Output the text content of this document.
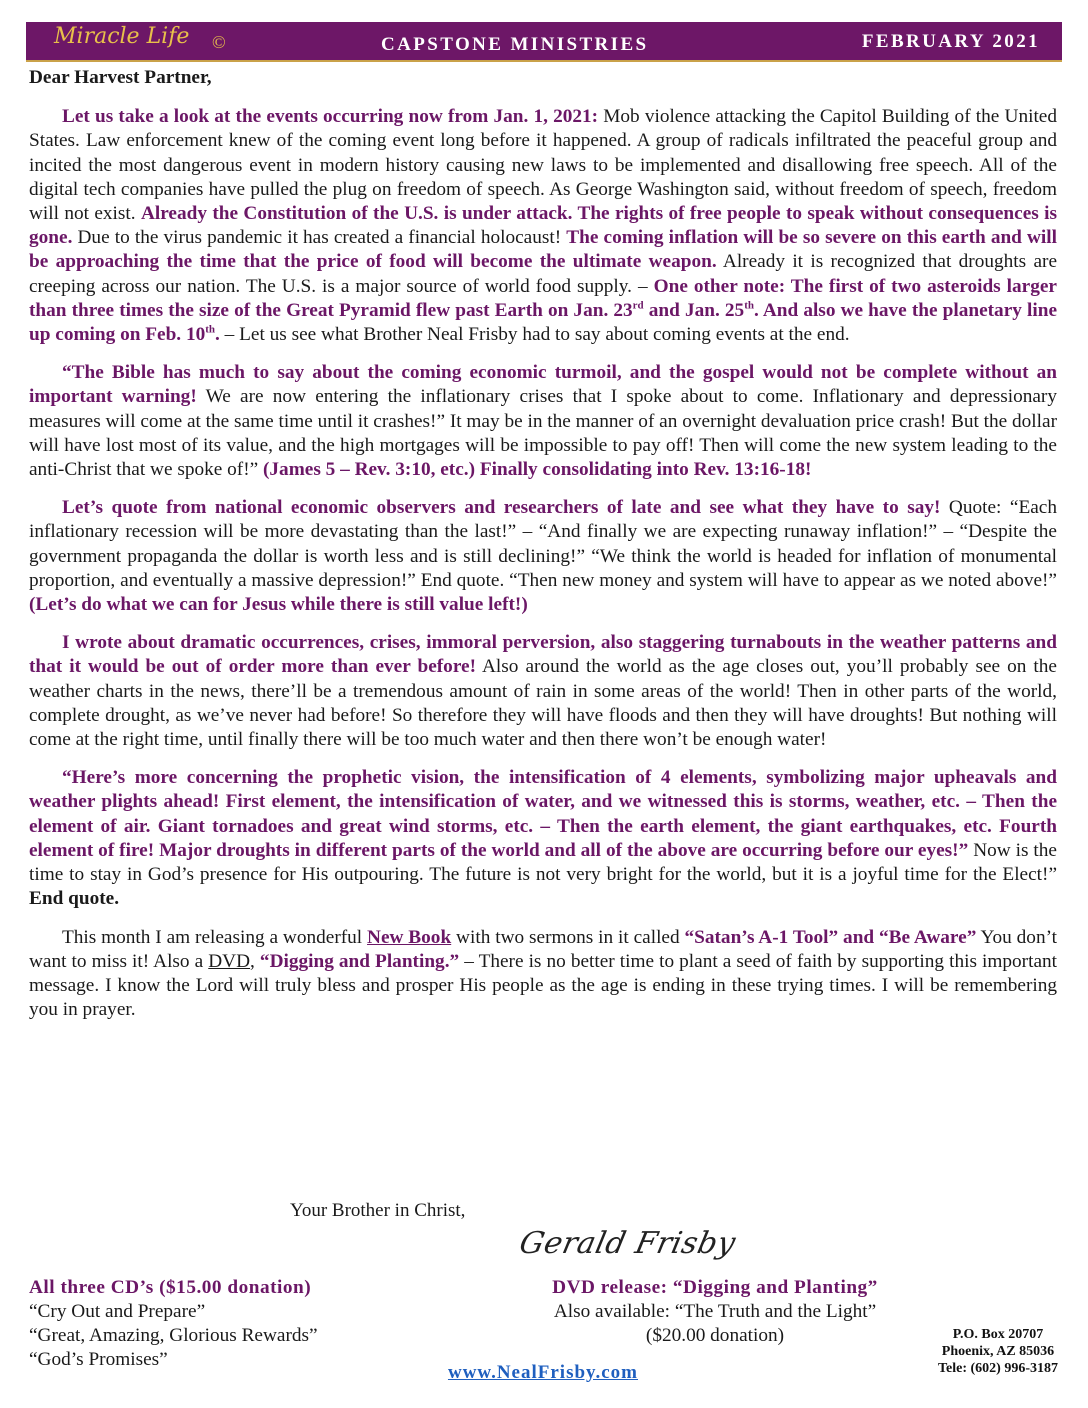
Miracle Life ©	CAPSTONE MINISTRIES	FEBRUARY 2021
Dear Harvest Partner,

Let us take a look at the events occurring now from Jan. 1, 2021: Mob violence attacking the Capitol Building of the United States. Law enforcement knew of the coming event long before it happened. A group of radicals infiltrated the peaceful group and incited the most dangerous event in modern history causing new laws to be implemented and disallowing free speech. All of the digital tech companies have pulled the plug on freedom of speech. As George Washington said, without freedom of speech, freedom will not exist. Already the Constitution of the U.S. is under attack. The rights of free people to speak without consequences is gone. Due to the virus pandemic it has created a financial holocaust! The coming inflation will be so severe on this earth and will be approaching the time that the price of food will become the ultimate weapon. Already it is recognized that droughts are creeping across our nation. The U.S. is a major source of world food supply. – One other note: The first of two asteroids larger than three times the size of the Great Pyramid flew past Earth on Jan. 23rd and Jan. 25th. And also we have the planetary line up coming on Feb. 10th. – Let us see what Brother Neal Frisby had to say about coming events at the end.

“The Bible has much to say about the coming economic turmoil, and the gospel would not be complete without an important warning! We are now entering the inflationary crises that I spoke about to come. Inflationary and depressionary measures will come at the same time until it crashes!” It may be in the manner of an overnight devaluation price crash! But the dollar will have lost most of its value, and the high mortgages will be impossible to pay off! Then will come the new system leading to the anti-Christ that we spoke of!” (James 5 – Rev. 3:10, etc.) Finally consolidating into Rev. 13:16-18!

Let’s quote from national economic observers and researchers of late and see what they have to say! Quote: “Each inflationary recession will be more devastating than the last!” – “And finally we are expecting runaway inflation!” – “Despite the government propaganda the dollar is worth less and is still declining!” “We think the world is headed for inflation of monumental proportion, and eventually a massive depression!” End quote. “Then new money and system will have to appear as we noted above!” (Let’s do what we can for Jesus while there is still value left!)

I wrote about dramatic occurrences, crises, immoral perversion, also staggering turnabouts in the weather patterns and that it would be out of order more than ever before! Also around the world as the age closes out, you’ll probably see on the weather charts in the news, there’ll be a tremendous amount of rain in some areas of the world! Then in other parts of the world, complete drought, as we’ve never had before! So therefore they will have floods and then they will have droughts! But nothing will come at the right time, until finally there will be too much water and then there won’t be enough water!

“Here’s more concerning the prophetic vision, the intensification of 4 elements, symbolizing major upheavals and weather plights ahead! First element, the intensification of water, and we witnessed this is storms, weather, etc. – Then the element of air. Giant tornadoes and great wind storms, etc. – Then the earth element, the giant earthquakes, etc. Fourth element of fire! Major droughts in different parts of the world and all of the above are occurring before our eyes!” Now is the time to stay in God’s presence for His outpouring. The future is not very bright for the world, but it is a joyful time for the Elect!” End quote.

This month I am releasing a wonderful New Book with two sermons in it called “Satan’s A-1 Tool” and “Be Aware” You don’t want to miss it! Also a DVD, “Digging and Planting.” – There is no better time to plant a seed of faith by supporting this important message. I know the Lord will truly bless and prosper His people as the age is ending in these trying times. I will be remembering you in prayer.

Your Brother in Christ,
Gerald Frisby
All three CD’s ($15.00 donation)
“Cry Out and Prepare”
“Great, Amazing, Glorious Rewards”
“God’s Promises”
DVD release: “Digging and Planting”
Also available: “The Truth and the Light”
($20.00 donation)	P.O. Box 20707
Phoenix, AZ 85036
Tele: (602) 996-3187
www.NealFrisby.com
